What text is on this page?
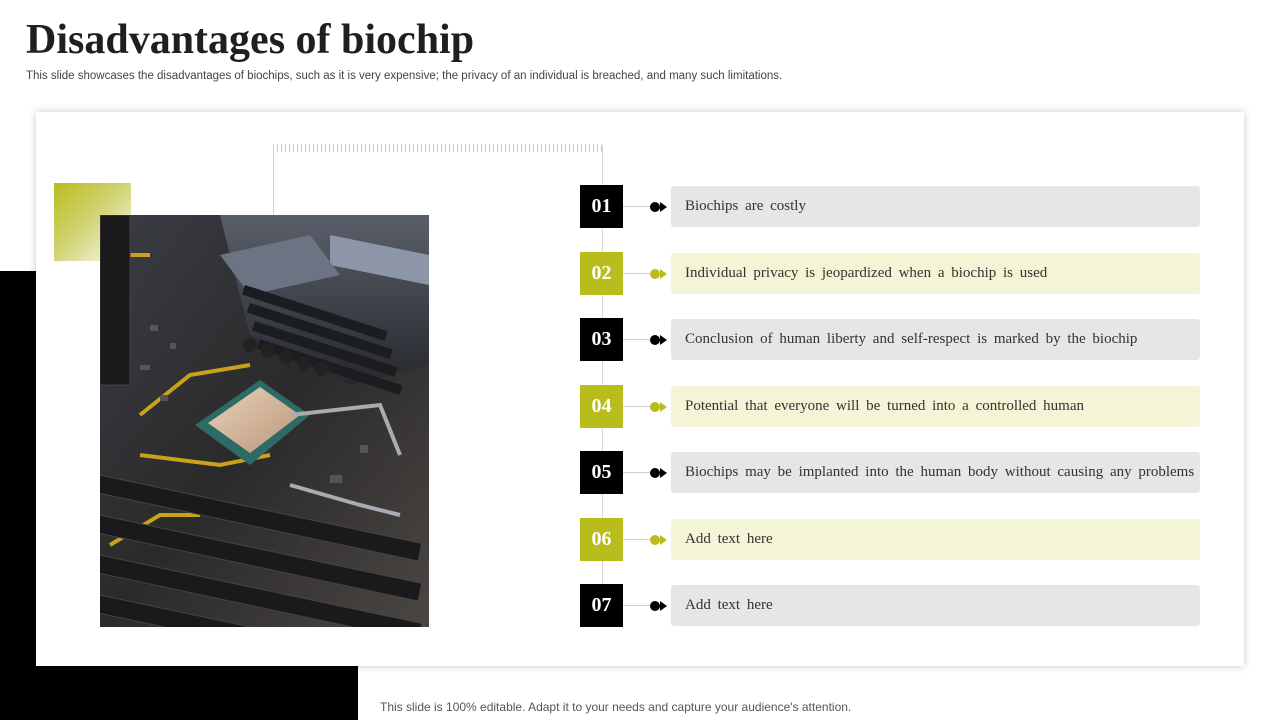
Disadvantages of biochip
This slide showcases the disadvantages of biochips, such as it is very expensive; the privacy of an individual is breached, and many such limitations.
01	Biochips are costly
02	Individual privacy is jeopardized when a biochip is used
03	Conclusion of human liberty and self-respect is marked by the biochip
04	Potential that everyone will be turned into a controlled human
05	Biochips may be implanted into the human body without causing any problems
06	Add text here
07	Add text here
This slide is 100% editable. Adapt it to your needs and capture your audience's attention.
